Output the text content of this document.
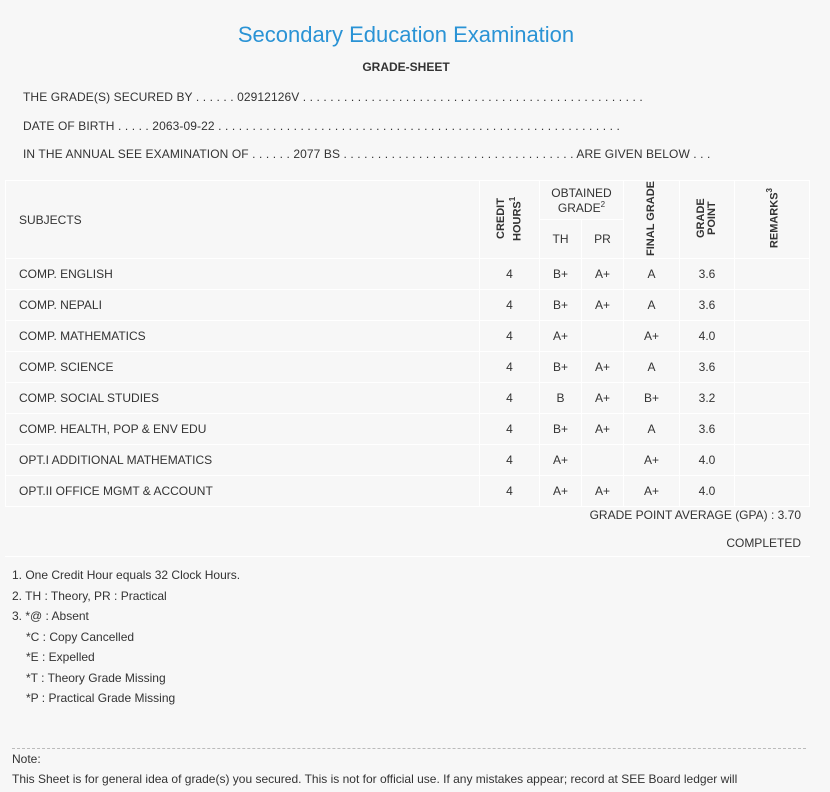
Secondary Education Examination
GRADE-SHEET
THE GRADE(S) SECURED BY . . . . . . 02912126V . . . . . . . . . . . . . . . . . . . . . . . . . . . . . . . . . . . . . . . . . . . . . . . . . .
DATE OF BIRTH . . . . . 2063-09-22 . . . . . . . . . . . . . . . . . . . . . . . . . . . . . . . . . . . . . . . . . . . . . . . . . . . . . . . . . . .
IN THE ANNUAL SEE EXAMINATION OF . . . . . . 2077 BS . . . . . . . . . . . . . . . . . . . . . . . . . . . . . . . . . . ARE GIVEN BELOW . . .
SUBJECTS	CREDIT HOURS$^1$	OBTAINED GRADE$^2$		FINAL GRADE	GRADE POINT	REMARKS$^3$
		TH	PR			
COMP. ENGLISH	4	B+	A+	A	3.6	
COMP. NEPALI	4	B+	A+	A	3.6	
COMP. MATHEMATICS	4	A+		A+	4.0	
COMP. SCIENCE	4	B+	A+	A	3.6	
COMP. SOCIAL STUDIES	4	B	A+	B+	3.2	
COMP. HEALTH, POP & ENV EDU	4	B+	A+	A	3.6	
OPT.I ADDITIONAL MATHEMATICS	4	A+		A+	4.0	
OPT.II OFFICE MGMT & ACCOUNT	4	A+	A+	A+	4.0	
GRADE POINT AVERAGE (GPA) : 3.70
COMPLETED
1. One Credit Hour equals 32 Clock Hours.
2. TH : Theory, PR : Practical
3. *@ : Absent
*C : Copy Cancelled
*E : Expelled
*T : Theory Grade Missing
*P : Practical Grade Missing
Note:
This Sheet is for general idea of grade(s) you secured. This is not for official use. If any mistakes appear; record at SEE Board ledger will
